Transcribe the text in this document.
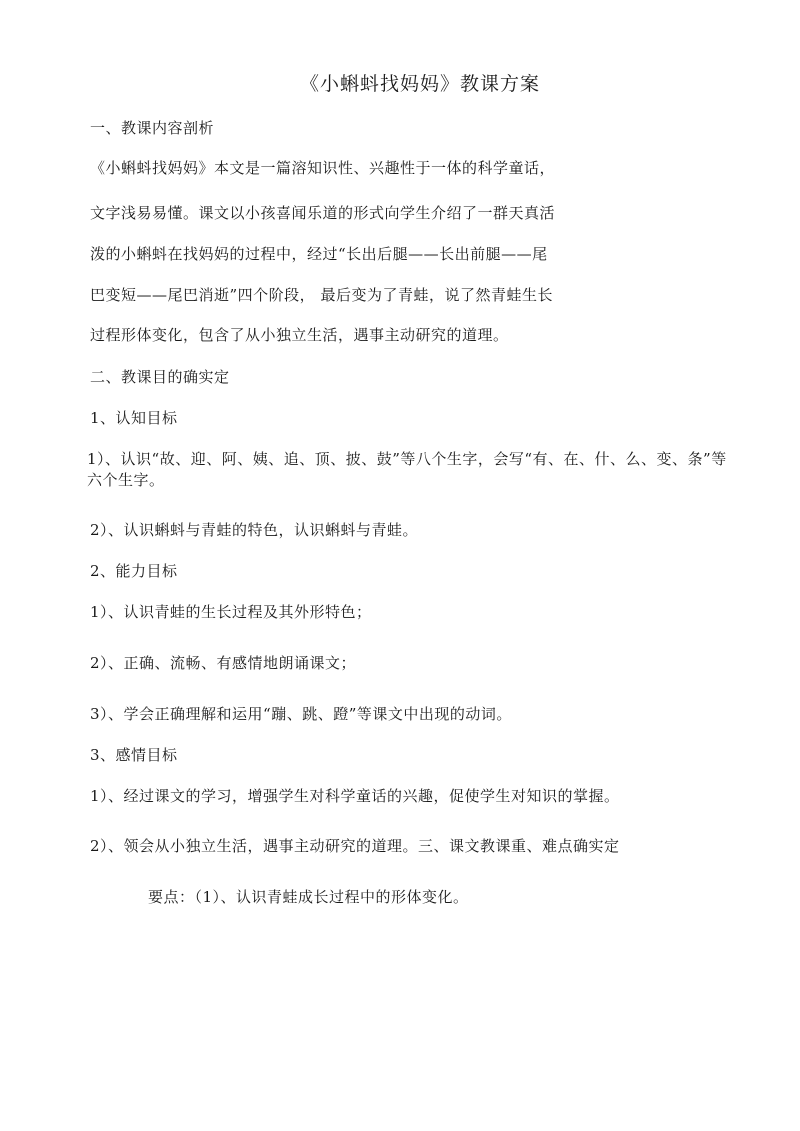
《小蝌蚪找妈妈》教课方案
一、教课内容剖析
《小蝌蚪找妈妈》本文是一篇溶知识性、兴趣性于一体的科学童话，
文字浅易易懂。课文以小孩喜闻乐道的形式向学生介绍了一群天真活
泼的小蝌蚪在找妈妈的过程中，经过“长出后腿——长出前腿——尾
巴变短——尾巴消逝”四个阶段， 最后变为了青蛙，说了然青蛙生长
过程形体变化，包含了从小独立生活，遇事主动研究的道理。
二、教课目的确实定
1、认知目标
1）、认识“故、迎、阿、姨、追、顶、披、鼓”等八个生字，会写“有、在、什、么、变、条”等六个生字。
2）、认识蝌蚪与青蛙的特色，认识蝌蚪与青蛙。
2、能力目标
1）、认识青蛙的生长过程及其外形特色；
2）、正确、流畅、有感情地朗诵课文；
3）、学会正确理解和运用“蹦、跳、蹬”等课文中出现的动词。
3、感情目标
1）、经过课文的学习，增强学生对科学童话的兴趣，促使学生对知识的掌握。
2）、领会从小独立生活，遇事主动研究的道理。三、课文教课重、难点确实定
要点：（1）、认识青蛙成长过程中的形体变化。
